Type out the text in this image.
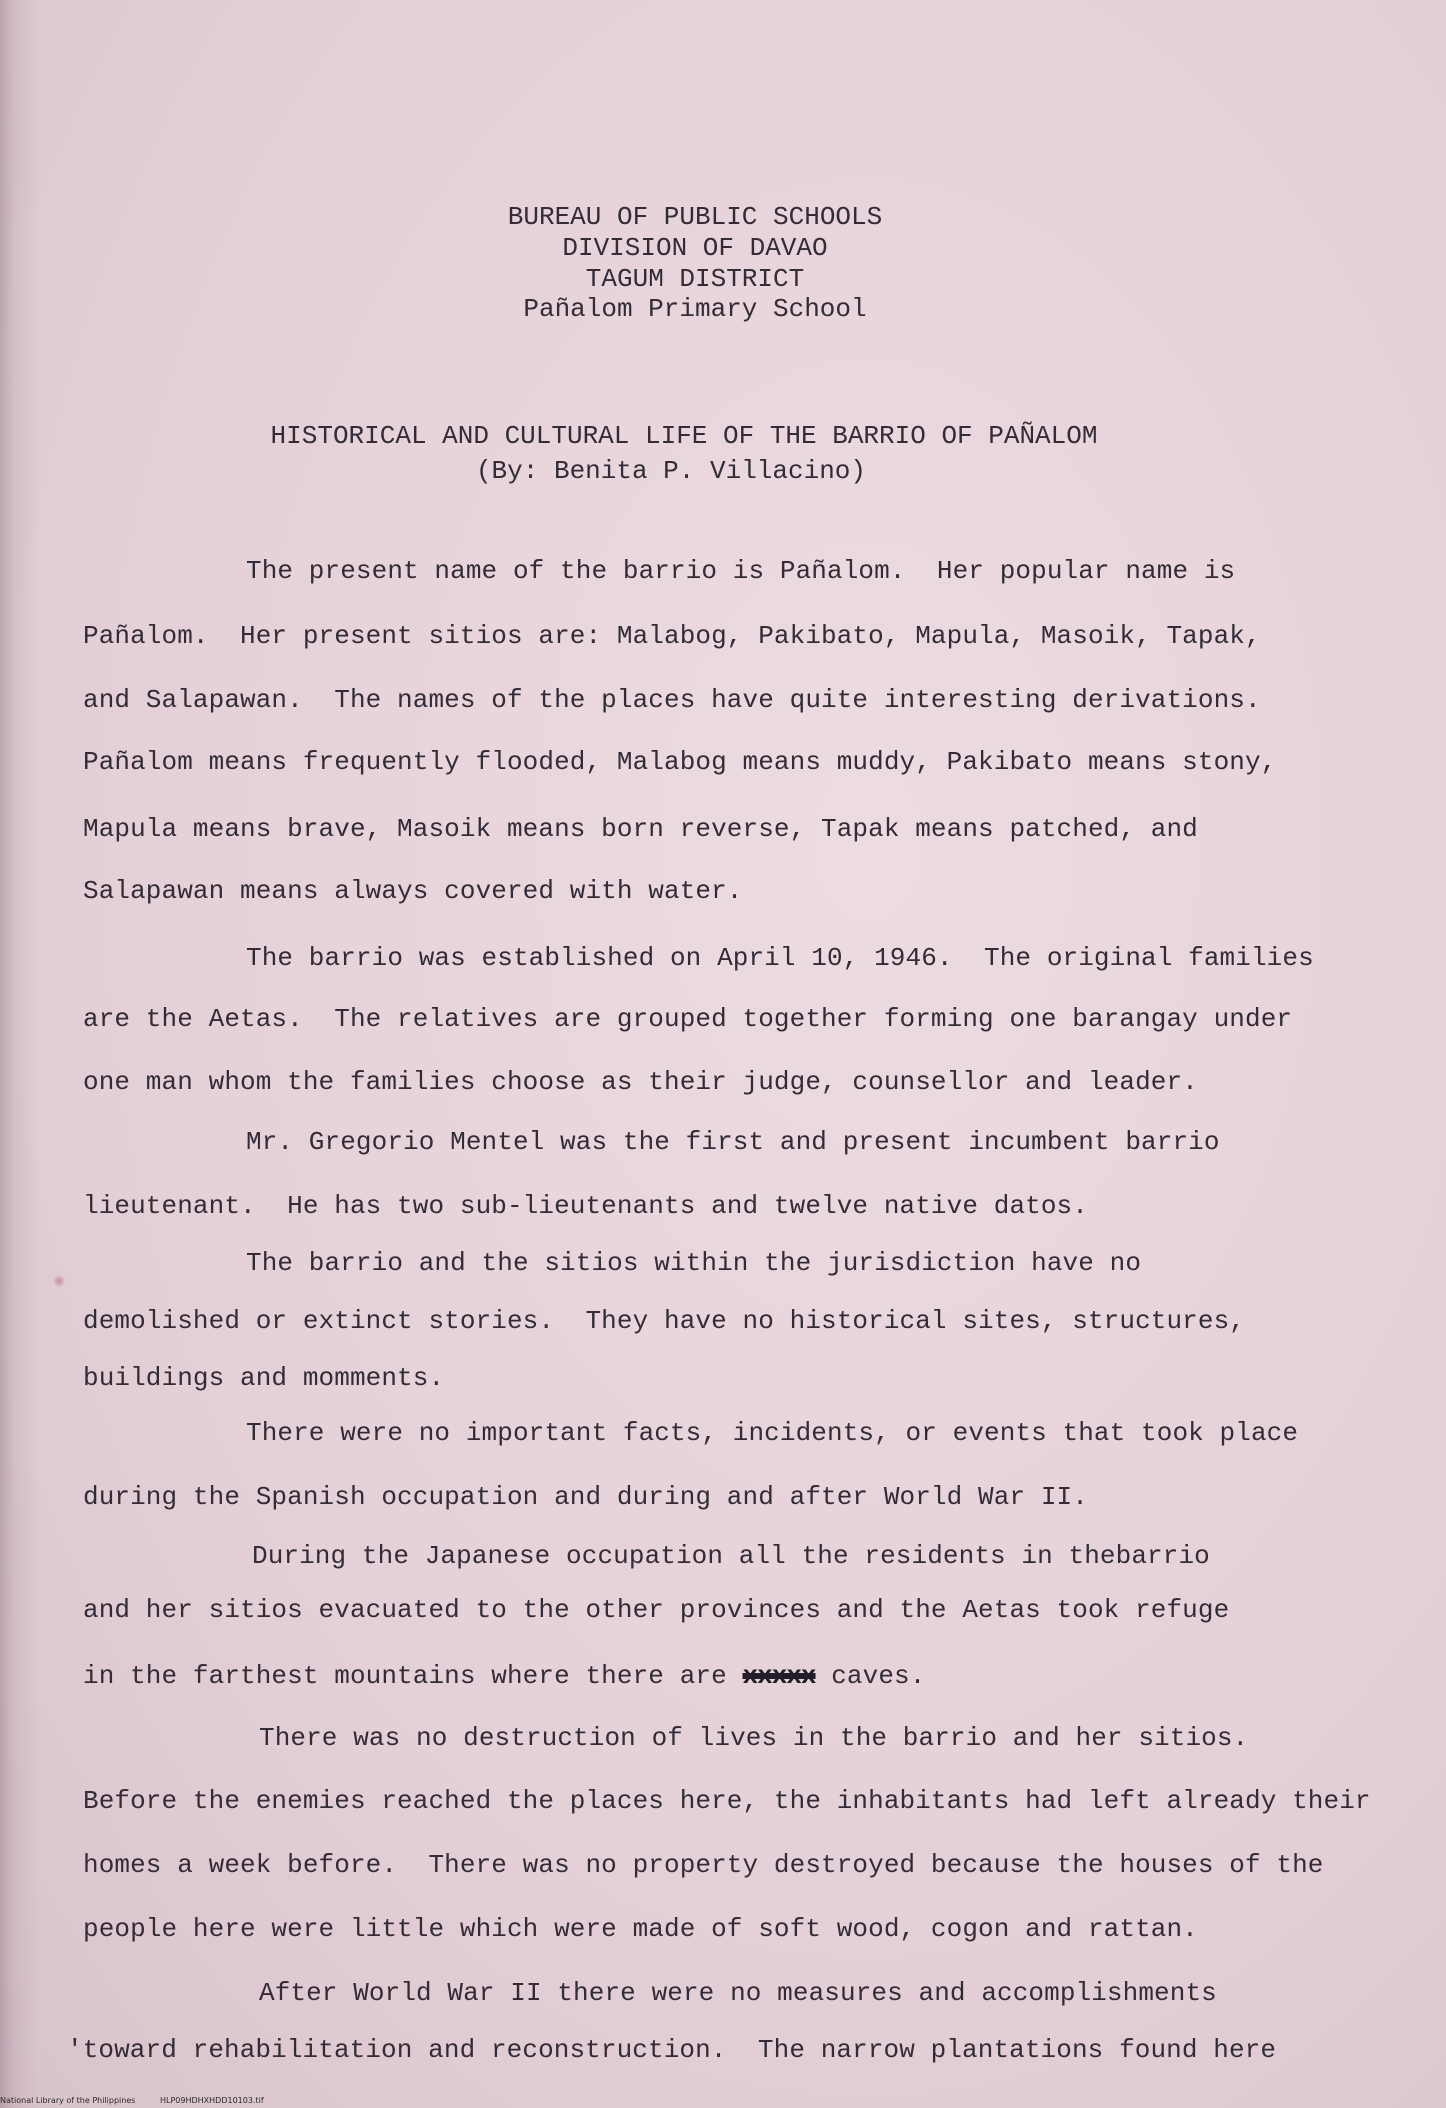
BUREAU OF PUBLIC SCHOOLS
DIVISION OF DAVAO
TAGUM DISTRICT
Pañalom Primary School
HISTORICAL AND CULTURAL LIFE OF THE BARRIO OF PAÑALOM
(By: Benita P. Villacino)
The present name of the barrio is Pañalom.  Her popular name is
Pañalom.  Her present sitios are: Malabog, Pakibato, Mapula, Masoik, Tapak,
and Salapawan.  The names of the places have quite interesting derivations.
Pañalom means frequently flooded, Malabog means muddy, Pakibato means stony,
Mapula means brave, Masoik means born reverse, Tapak means patched, and
Salapawan means always covered with water.
The barrio was established on April 10, 1946.  The original families
are the Aetas.  The relatives are grouped together forming one barangay under
one man whom the families choose as their judge, counsellor and leader.
Mr. Gregorio Mentel was the first and present incumbent barrio
lieutenant.  He has two sub-lieutenants and twelve native datos.
The barrio and the sitios within the jurisdiction have no
demolished or extinct stories.  They have no historical sites, structures,
buildings and momments.
There were no important facts, incidents, or events that took place
during the Spanish occupation and during and after World War II.
During the Japanese occupation all the residents in thebarrio
and her sitios evacuated to the other provinces and the Aetas took refuge
in the farthest mountains where there are xxxxx caves.
There was no destruction of lives in the barrio and her sitios.
Before the enemies reached the places here, the inhabitants had left already their
homes a week before.  There was no property destroyed because the houses of the
people here were little which were made of soft wood, cogon and rattan.
After World War II there were no measures and accomplishments
'toward rehabilitation and reconstruction.  The narrow plantations found here
National Library of the Philippines	HLP09HDHXHDD10103.tif
